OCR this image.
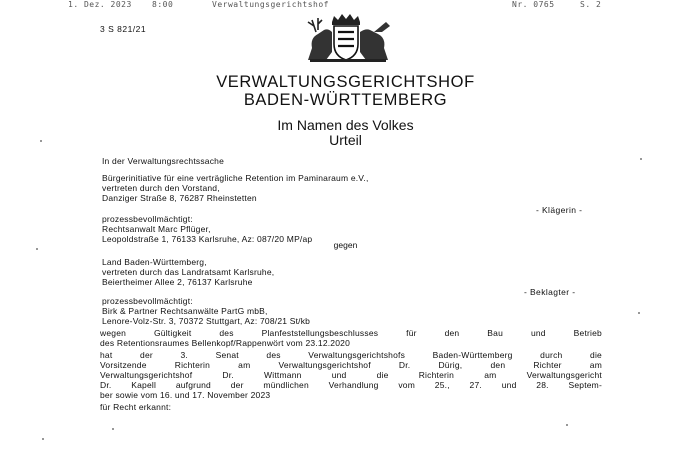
1. Dez. 2023	8:00	Verwaltungsgerichtshof	Nr. 0765	S. 2
3 S 821/21
VERWALTUNGSGERICHTSHOF
BADEN-WÜRTTEMBERG
Im Namen des Volkes
Urteil
In der Verwaltungsrechtssache
Bürgerinitiative für eine verträgliche Retention im Paminaraum e.V.,
vertreten durch den Vorstand,
Danziger Straße 8, 76287 Rheinstetten
- Klägerin -
prozessbevollmächtigt:
Rechtsanwalt Marc Pflüger,
Leopoldstraße 1, 76133 Karlsruhe, Az: 087/20 MP/ap
gegen
Land Baden-Württemberg,
vertreten durch das Landratsamt Karlsruhe,
Beiertheimer Allee 2, 76137 Karlsruhe
- Beklagter -
prozessbevollmächtigt:
Birk & Partner Rechtsanwälte PartG mbB,
Lenore-Volz-Str. 3, 70372 Stuttgart, Az: 708/21 St/kb
wegen Gültigkeit des Planfeststellungsbeschlusses für den Bau und Betrieb
des Retentionsraumes Bellenkopf/Rappenwört vom 23.12.2020
hat der 3. Senat des Verwaltungsgerichtshofs Baden-Württemberg durch die
Vorsitzende Richterin am Verwaltungsgerichtshof Dr. Dürig, den Richter am
Verwaltungsgerichtshof Dr. Wittmann und die Richterin am Verwaltungsgericht
Dr. Kapell aufgrund der mündlichen Verhandlung vom 25., 27. und 28. Septem-
ber sowie vom 16. und 17. November 2023
für Recht erkannt:
